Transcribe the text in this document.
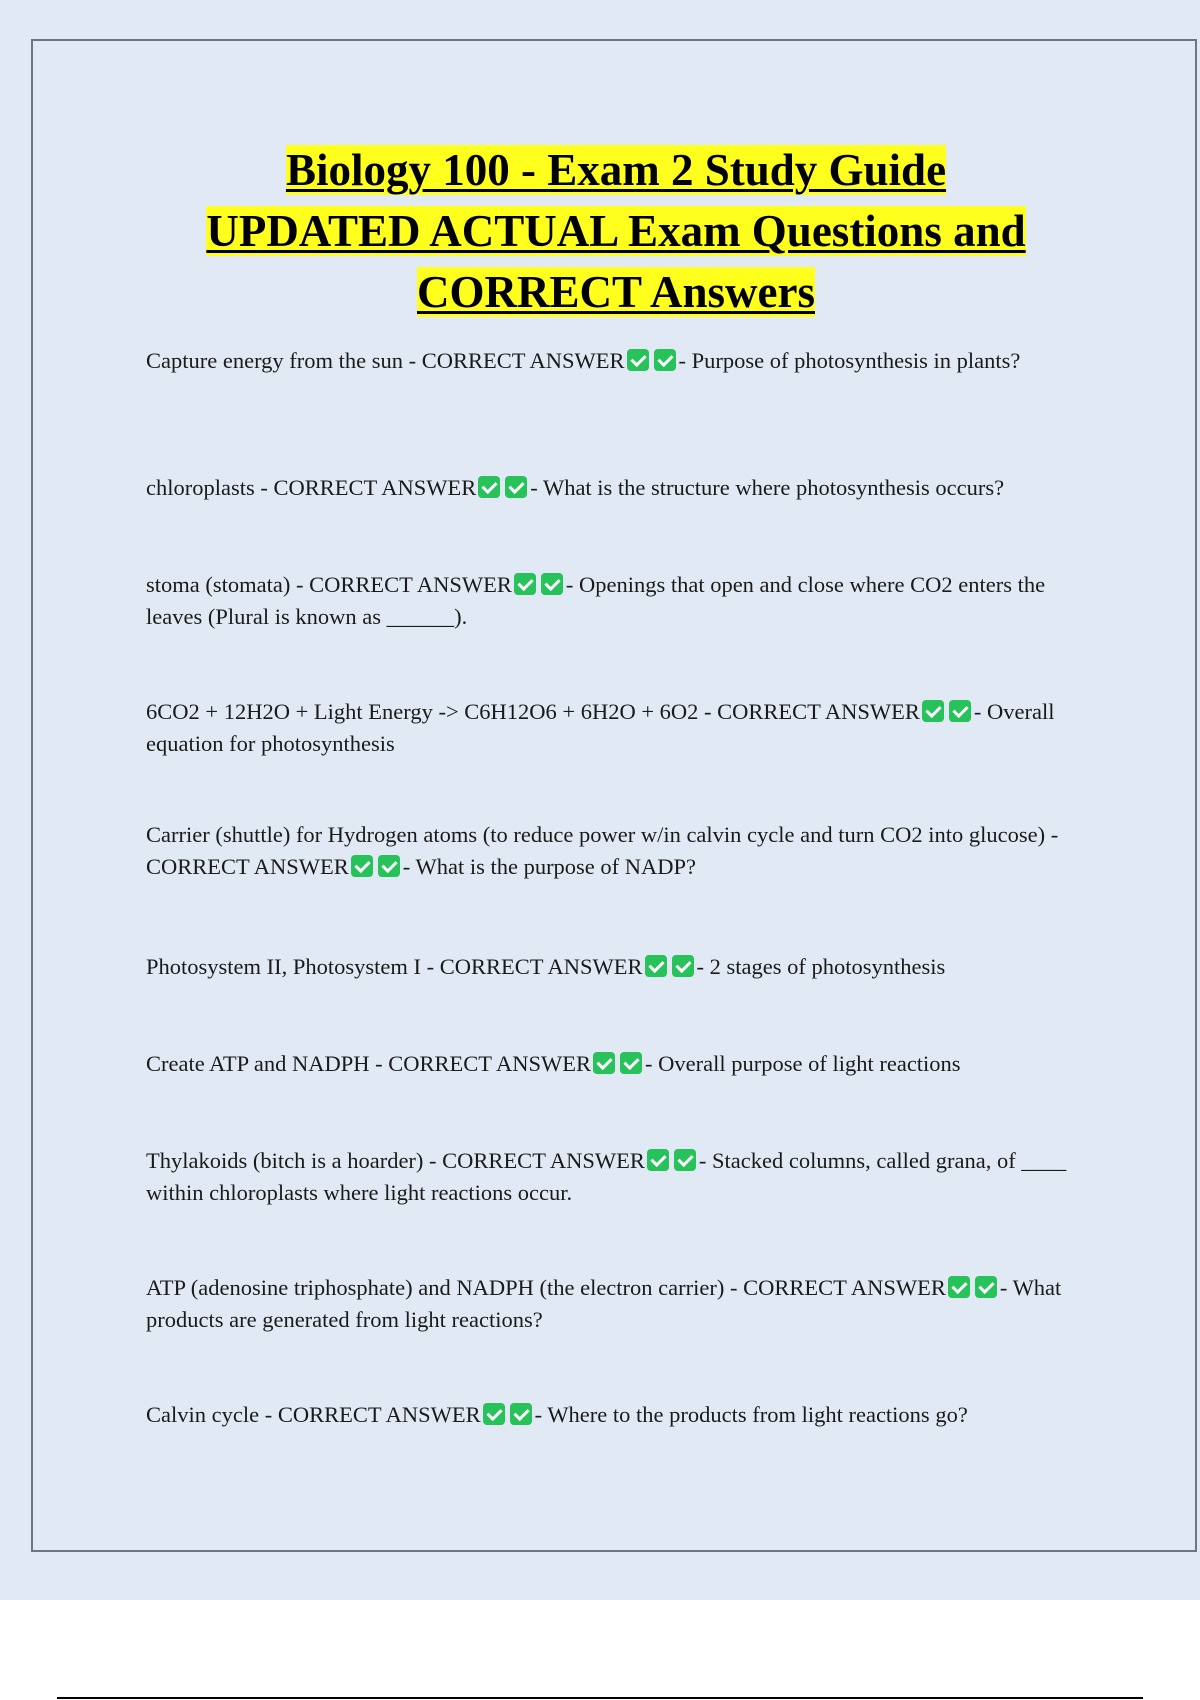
Biology 100 - Exam 2 Study Guide
UPDATED ACTUAL Exam Questions and
CORRECT Answers
Capture energy from the sun - CORRECT ANSWER - Purpose of photosynthesis in plants?
chloroplasts - CORRECT ANSWER - What is the structure where photosynthesis occurs?
stoma (stomata) - CORRECT ANSWER - Openings that open and close where CO2 enters the leaves (Plural is known as ______).
6CO2 + 12H2O + Light Energy -> C6H12O6 + 6H2O + 6O2 - CORRECT ANSWER - Overall equation for photosynthesis
Carrier (shuttle) for Hydrogen atoms (to reduce power w/in calvin cycle and turn CO2 into glucose) - CORRECT ANSWER - What is the purpose of NADP?
Photosystem II, Photosystem I - CORRECT ANSWER - 2 stages of photosynthesis
Create ATP and NADPH - CORRECT ANSWER - Overall purpose of light reactions
Thylakoids (bitch is a hoarder) - CORRECT ANSWER - Stacked columns, called grana, of ____ within chloroplasts where light reactions occur.
ATP (adenosine triphosphate) and NADPH (the electron carrier) - CORRECT ANSWER - What products are generated from light reactions?
Calvin cycle - CORRECT ANSWER - Where to the products from light reactions go?
